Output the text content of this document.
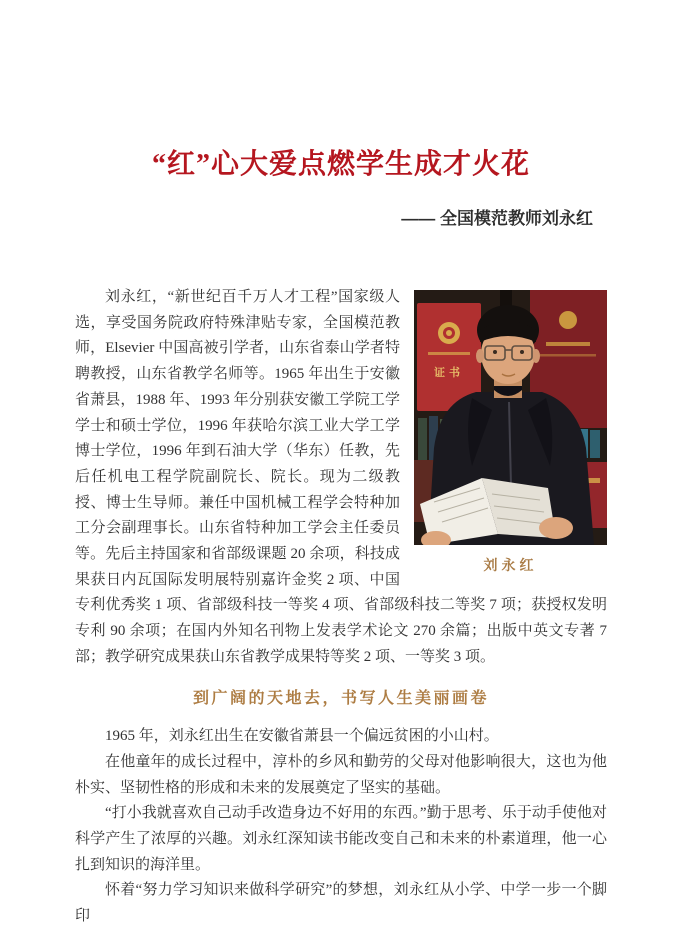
“红”心大爱点燃学生成才火花
—— 全国模范教师刘永红
证书
刘永红

刘永红，“新世纪百千万人才工程”国家级人选，享受国务院政府特殊津贴专家，全国模范教师，Elsevier 中国高被引学者，山东省泰山学者特聘教授，山东省教学名师等。1965 年出生于安徽省萧县，1988 年、1993 年分别获安徽工学院工学学士和硕士学位，1996 年获哈尔滨工业大学工学博士学位，1996 年到石油大学（华东）任教，先后任机电工程学院副院长、院长。现为二级教授、博士生导师。兼任中国机械工程学会特种加工分会副理事长。山东省特种加工学会主任委员等。先后主持国家和省部级课题 20 余项，科技成果获日内瓦国际发明展特别嘉许金奖 2 项、中国专利优秀奖 1 项、省部级科技一等奖 4 项、省部级科技二等奖 7 项；获授权发明专利 90 余项；在国内外知名刊物上发表学术论文 270 余篇；出版中英文专著 7 部；教学研究成果获山东省教学成果特等奖 2 项、一等奖 3 项。

到广阔的天地去，书写人生美丽画卷

1965 年，刘永红出生在安徽省萧县一个偏远贫困的小山村。

在他童年的成长过程中，淳朴的乡风和勤劳的父母对他影响很大，这也为他朴实、坚韧性格的形成和未来的发展奠定了坚实的基础。

“打小我就喜欢自己动手改造身边不好用的东西。”勤于思考、乐于动手使他对科学产生了浓厚的兴趣。刘永红深知读书能改变自己和未来的朴素道理，他一心扎到知识的海洋里。

怀着“努力学习知识来做科学研究”的梦想，刘永红从小学、中学一步一个脚印
